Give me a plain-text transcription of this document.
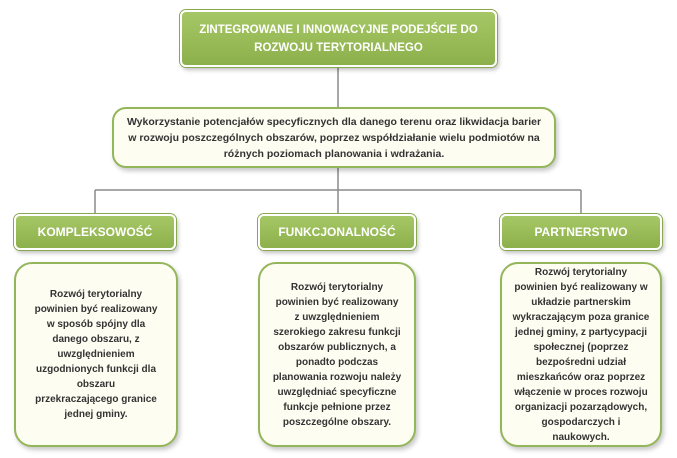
ZINTEGROWANE I INNOWACYJNE PODEJŚCIE DO ROZWOJU TERYTORIALNEGO
Wykorzystanie potencjałów specyficznych dla danego terenu oraz likwidacja barier w rozwoju poszczególnych obszarów, poprzez współdziałanie wielu podmiotów na różnych poziomach planowania i wdrażania.
KOMPLEKSOWOŚĆ	FUNKCJONALNOŚĆ	PARTNERSTWO
Rozwój terytorialny powinien być realizowany w sposób spójny dla danego obszaru, z uwzględnieniem uzgodnionych funkcji dla obszaru przekraczającego granice jednej gminy.
Rozwój terytorialny powinien być realizowany z uwzględnieniem szerokiego zakresu funkcji obszarów publicznych, a ponadto podczas planowania rozwoju należy uwzględniać specyficzne funkcje pełnione przez poszczególne obszary.
Rozwój terytorialny powinien być realizowany w układzie partnerskim wykraczającym poza granice jednej gminy, z partycypacji społecznej (poprzez bezpośredni udział mieszkańców oraz poprzez włączenie w proces rozwoju organizacji pozarządowych, gospodarczych i naukowych.
